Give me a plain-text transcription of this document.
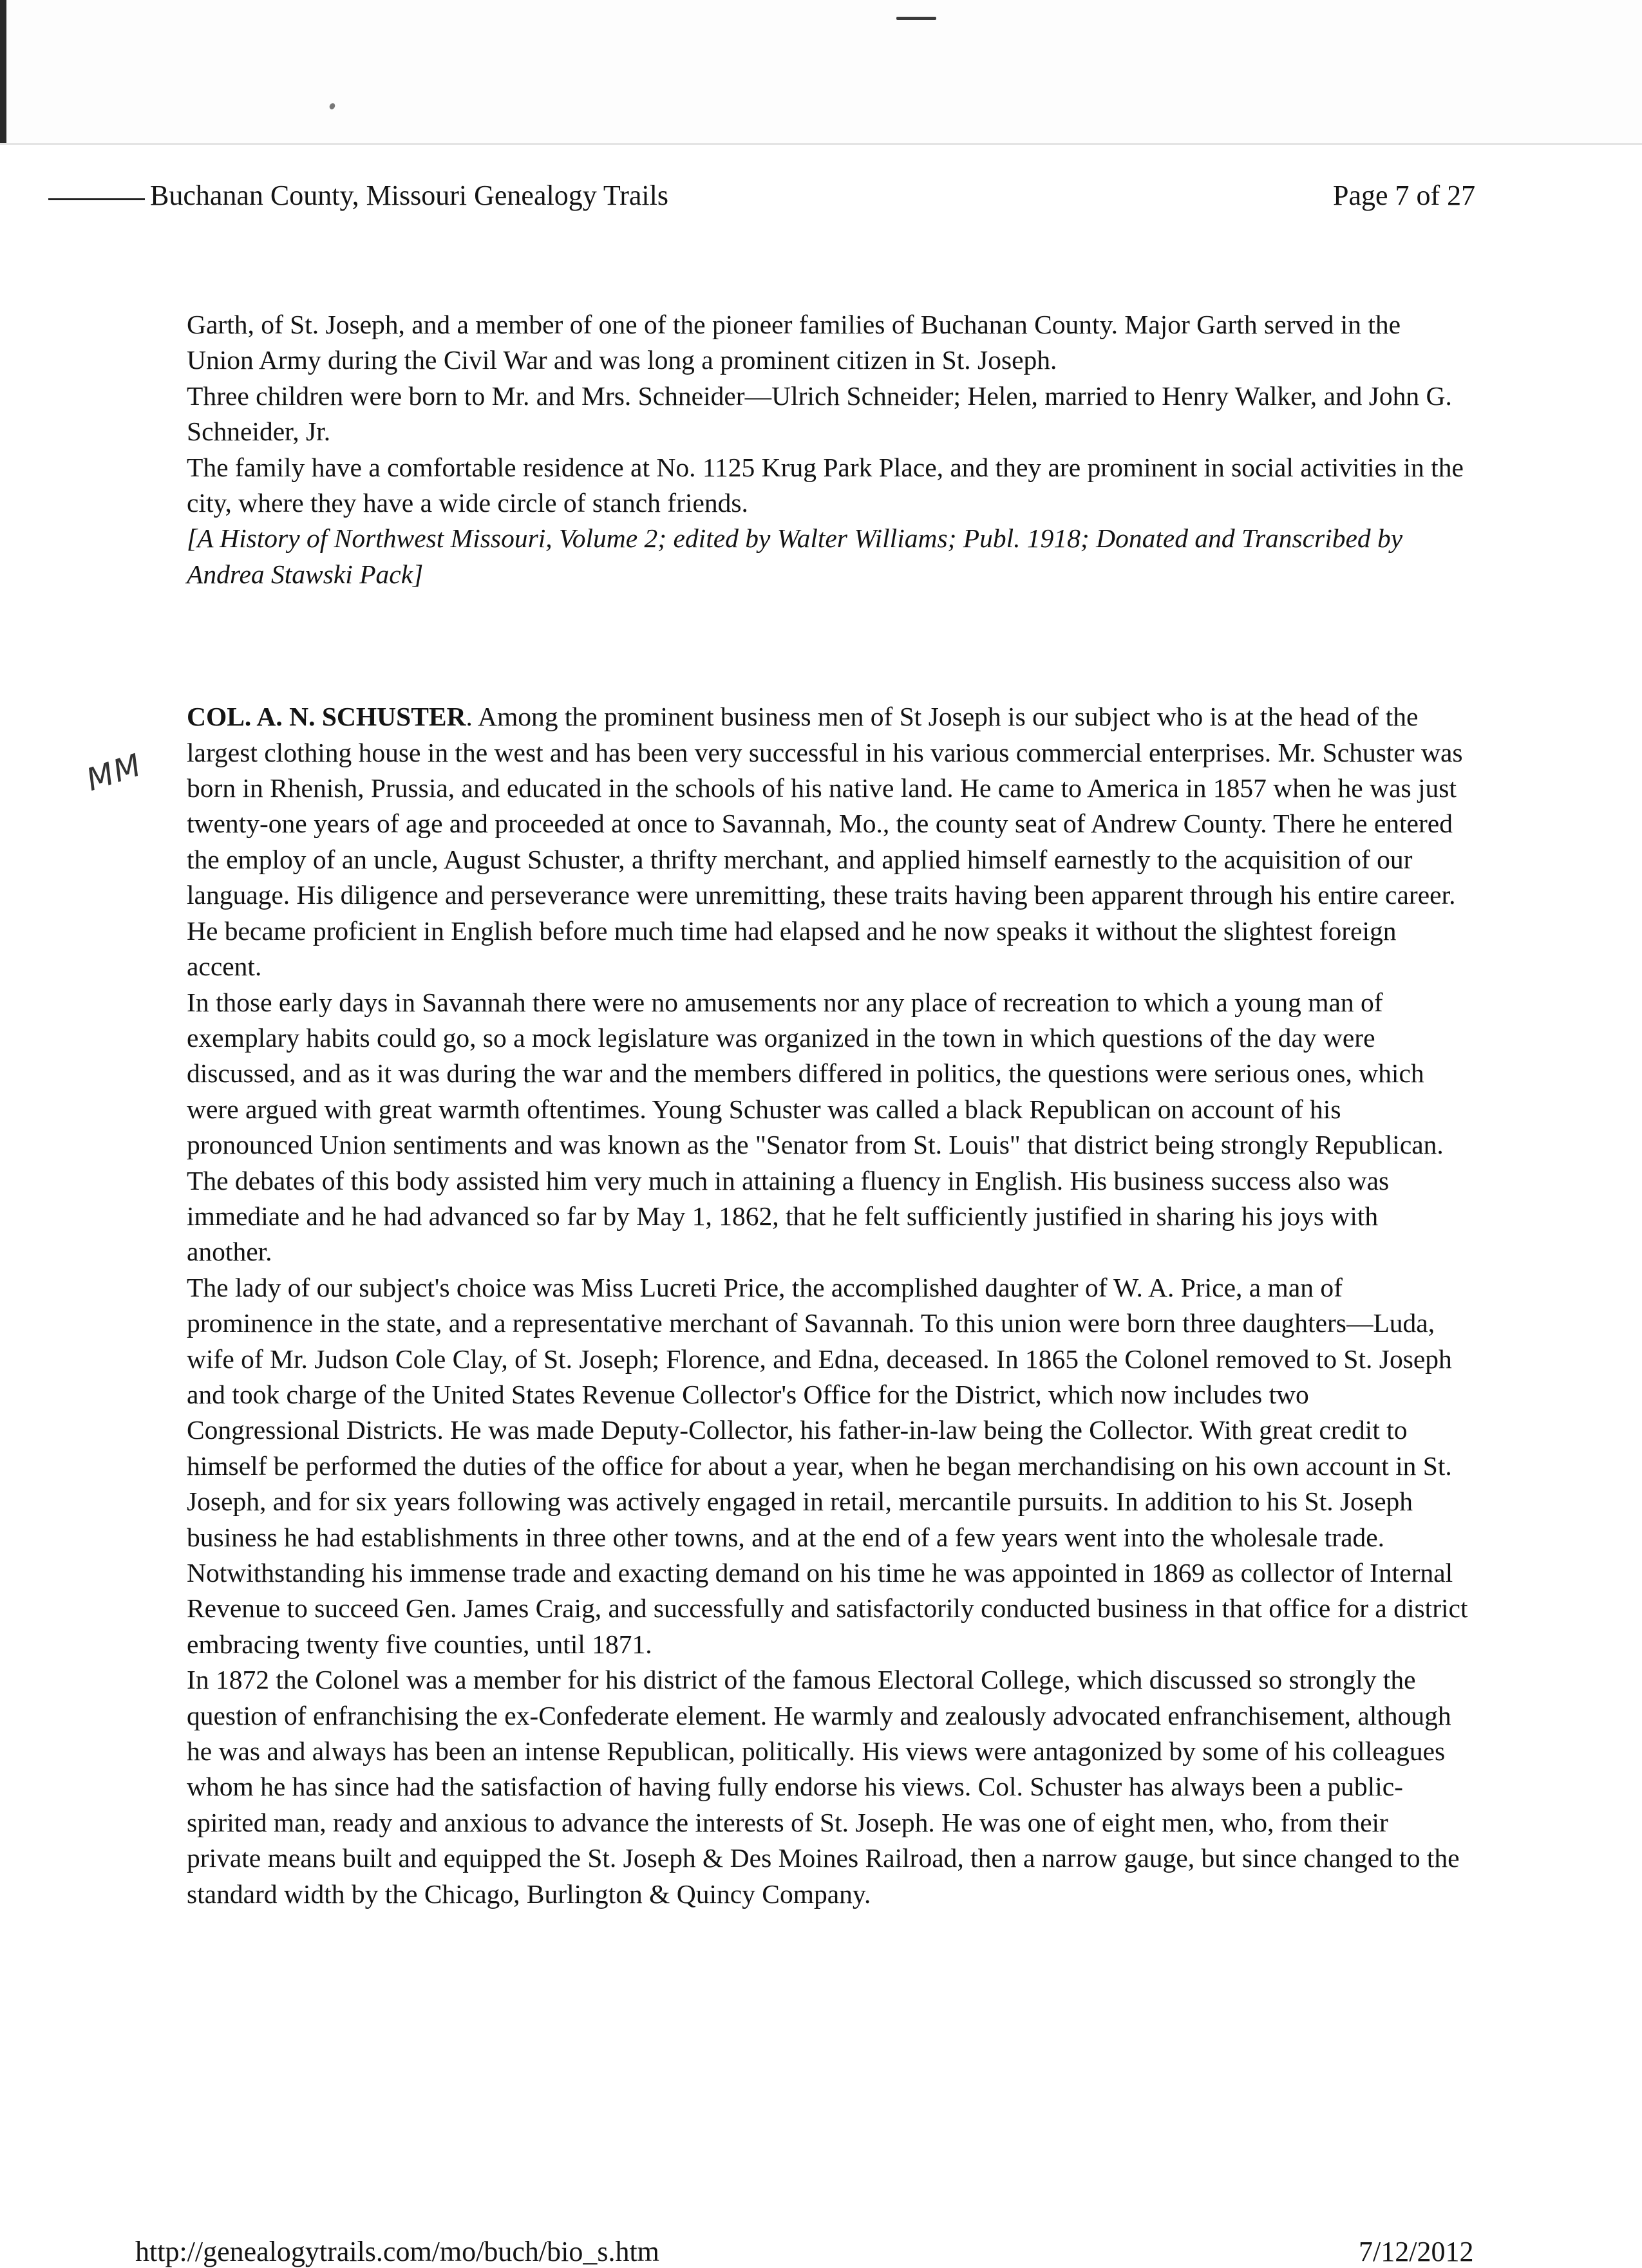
Buchanan County, Missouri Genealogy Trails	Page 7 of 27
MM

Garth, of St. Joseph, and a member of one of the pioneer families of Buchanan County. Major Garth served in the Union Army during the Civil War and was long a prominent citizen in St. Joseph.

Three children were born to Mr. and Mrs. Schneider—Ulrich Schneider; Helen, married to Henry Walker, and John G. Schneider, Jr.

The family have a comfortable residence at No. 1125 Krug Park Place, and they are prominent in social activities in the city, where they have a wide circle of stanch friends.

[A History of Northwest Missouri, Volume 2; edited by Walter Williams; Publ. 1918; Donated and Transcribed by Andrea Stawski Pack]

COL. A. N. SCHUSTER. Among the prominent business men of St Joseph is our subject who is at the head of the largest clothing house in the west and has been very successful in his various commercial enterprises. Mr. Schuster was born in Rhenish, Prussia, and educated in the schools of his native land. He came to America in 1857 when he was just twenty-one years of age and proceeded at once to Savannah, Mo., the county seat of Andrew County. There he entered the employ of an uncle, August Schuster, a thrifty merchant, and applied himself earnestly to the acquisition of our language. His diligence and perseverance were unremitting, these traits having been apparent through his entire career. He became proficient in English before much time had elapsed and he now speaks it without the slightest foreign accent.

In those early days in Savannah there were no amusements nor any place of recreation to which a young man of exemplary habits could go, so a mock legislature was organized in the town in which questions of the day were discussed, and as it was during the war and the members differed in politics, the questions were serious ones, which were argued with great warmth oftentimes. Young Schuster was called a black Republican on account of his pronounced Union sentiments and was known as the "Senator from St. Louis" that district being strongly Republican. The debates of this body assisted him very much in attaining a fluency in English. His business success also was immediate and he had advanced so far by May 1, 1862, that he felt sufficiently justified in sharing his joys with another.

The lady of our subject's choice was Miss Lucreti Price, the accomplished daughter of W. A. Price, a man of prominence in the state, and a representative merchant of Savannah. To this union were born three daughters—Luda, wife of Mr. Judson Cole Clay, of St. Joseph; Florence, and Edna, deceased. In 1865 the Colonel removed to St. Joseph and took charge of the United States Revenue Collector's Office for the District, which now includes two Congressional Districts. He was made Deputy-Collector, his father-in-law being the Collector. With great credit to himself be performed the duties of the office for about a year, when he began merchandising on his own account in St. Joseph, and for six years following was actively engaged in retail, mercantile pursuits. In addition to his St. Joseph business he had establishments in three other towns, and at the end of a few years went into the wholesale trade. Notwithstanding his immense trade and exacting demand on his time he was appointed in 1869 as collector of Internal Revenue to succeed Gen. James Craig, and successfully and satisfactorily conducted business in that office for a district embracing twenty five counties, until 1871.

In 1872 the Colonel was a member for his district of the famous Electoral College, which discussed so strongly the question of enfranchising the ex-Confederate element. He warmly and zealously advocated enfranchisement, although he was and always has been an intense Republican, politically. His views were antagonized by some of his colleagues whom he has since had the satisfaction of having fully endorse his views. Col. Schuster has always been a public-spirited man, ready and anxious to advance the interests of St. Joseph. He was one of eight men, who, from their private means built and equipped the St. Joseph & Des Moines Railroad, then a narrow gauge, but since changed to the standard width by the Chicago, Burlington & Quincy Company.

http://genealogytrails.com/mo/buch/bio_s.htm	7/12/2012
